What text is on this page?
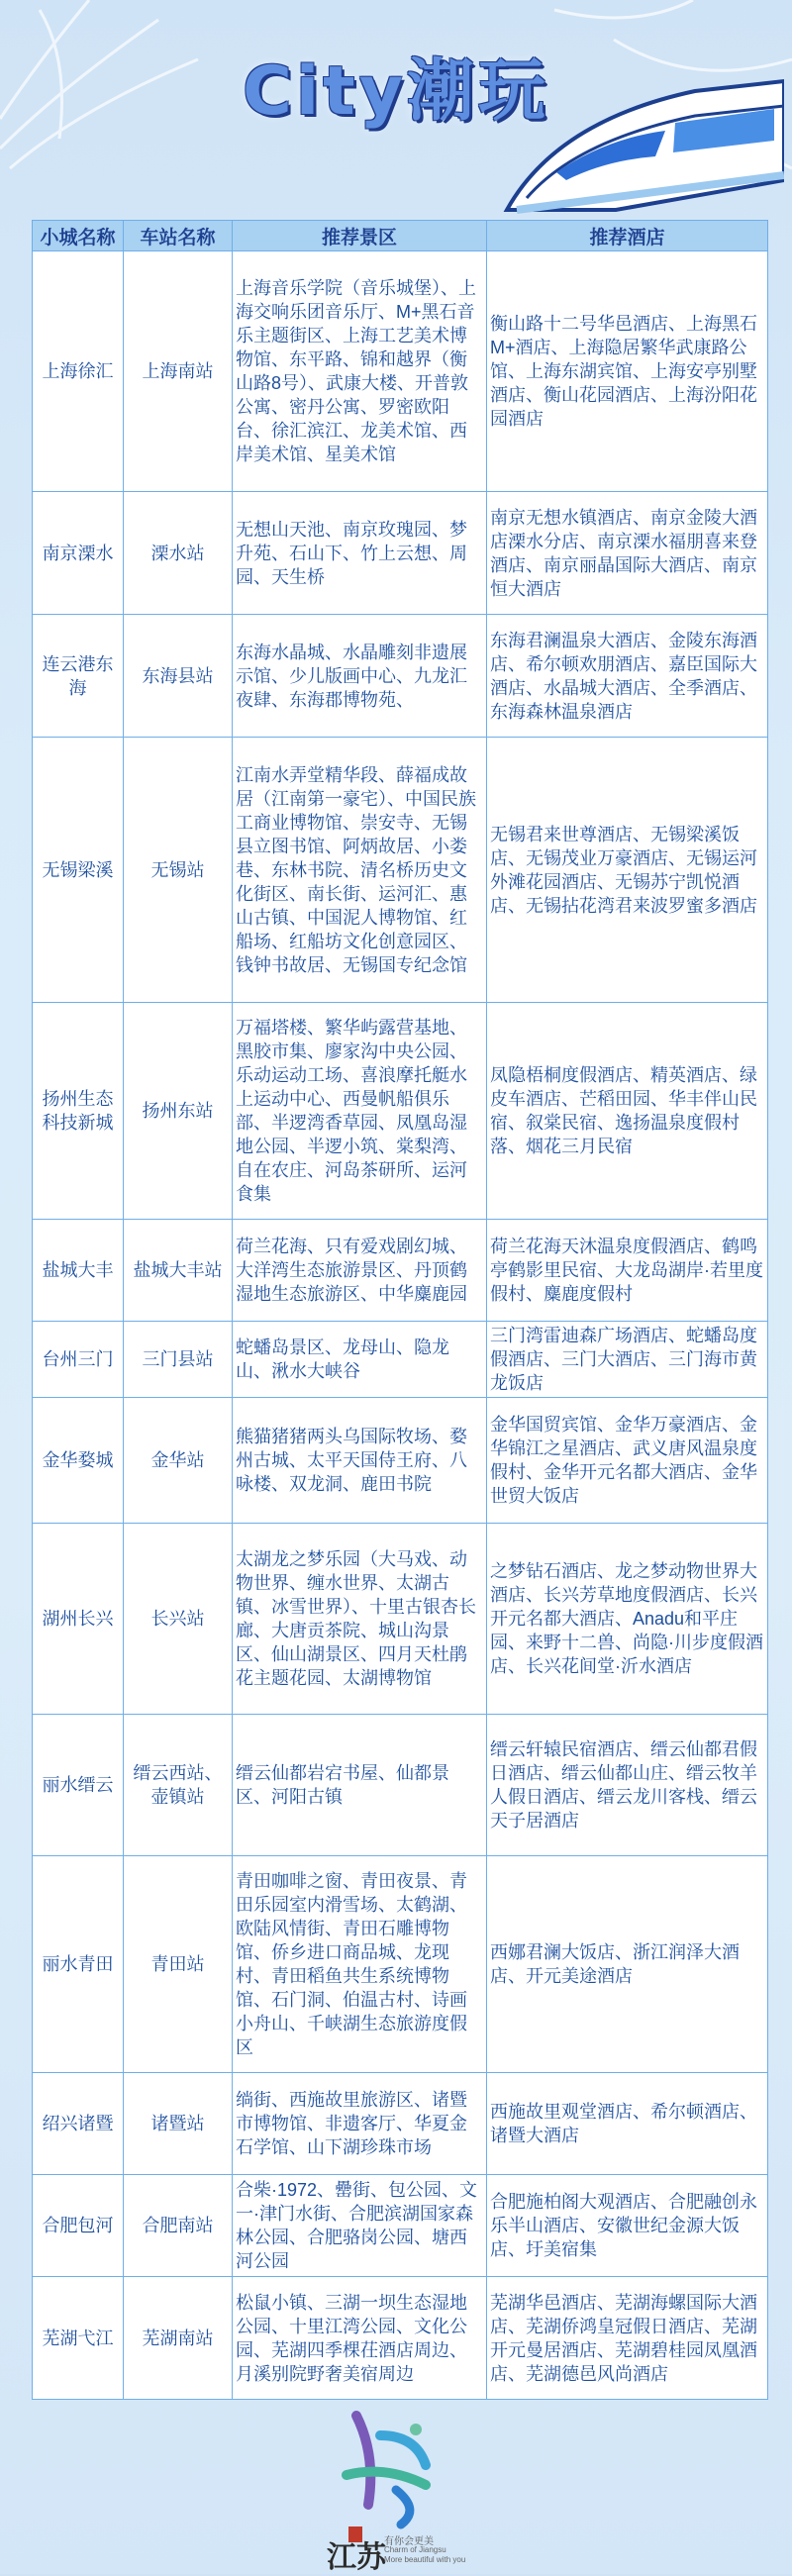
City潮玩
小城名称	车站名称	推荐景区	推荐酒店
上海徐汇	上海南站	上海音乐学院（音乐城堡）、上海交响乐团音乐厅、M+黑石音乐主题街区、上海工艺美术博物馆、东平路、锦和越界（衡山路8号）、武康大楼、开普敦公寓、密丹公寓、罗密欧阳台、徐汇滨江、龙美术馆、西岸美术馆、星美术馆	衡山路十二号华邑酒店、上海黑石M+酒店、上海隐居繁华武康路公馆、上海东湖宾馆、上海安亭别墅酒店、衡山花园酒店、上海汾阳花园酒店
南京溧水	溧水站	无想山天池、南京玫瑰园、梦升苑、石山下、竹上云想、周园、天生桥	南京无想水镇酒店、南京金陵大酒店溧水分店、南京溧水福朋喜来登酒店、南京丽晶国际大酒店、南京恒大酒店
连云港东海	东海县站	东海水晶城、水晶雕刻非遗展示馆、少儿版画中心、九龙汇夜肆、东海郡博物苑、	东海君澜温泉大酒店、金陵东海酒店、希尔顿欢朋酒店、嘉臣国际大酒店、水晶城大酒店、全季酒店、东海森林温泉酒店
无锡梁溪	无锡站	江南水弄堂精华段、薛福成故居（江南第一豪宅）、中国民族工商业博物馆、崇安寺、无锡县立图书馆、阿炳故居、小娄巷、东林书院、清名桥历史文化街区、南长街、运河汇、惠山古镇、中国泥人博物馆、红船场、红船坊文化创意园区、钱钟书故居、无锡国专纪念馆	无锡君来世尊酒店、无锡梁溪饭店、无锡茂业万豪酒店、无锡运河外滩花园酒店、无锡苏宁凯悦酒店、无锡拈花湾君来波罗蜜多酒店
扬州生态科技新城	扬州东站	万福塔楼、繁华屿露营基地、黑胶市集、廖家沟中央公园、乐动运动工场、喜浪摩托艇水上运动中心、西曼帆船俱乐部、半逻湾香草园、凤凰岛湿地公园、半逻小筑、棠梨湾、自在农庄、河岛茶研所、运河食集	凤隐梧桐度假酒店、精英酒店、绿皮车酒店、芒稻田园、华丰伴山民宿、叙棠民宿、逸扬温泉度假村落、烟花三月民宿
盐城大丰	盐城大丰站	荷兰花海、只有爱戏剧幻城、大洋湾生态旅游景区、丹顶鹤湿地生态旅游区、中华麋鹿园	荷兰花海天沐温泉度假酒店、鹤鸣亭鹤影里民宿、大龙岛湖岸·若里度假村、麋鹿度假村
台州三门	三门县站	蛇蟠岛景区、龙母山、隐龙山、湫水大峡谷	三门湾雷迪森广场酒店、蛇蟠岛度假酒店、三门大酒店、三门海市黄龙饭店
金华婺城	金华站	熊猫猪猪两头乌国际牧场、婺州古城、太平天国侍王府、八咏楼、双龙洞、鹿田书院	金华国贸宾馆、金华万豪酒店、金华锦江之星酒店、武义唐风温泉度假村、金华开元名都大酒店、金华世贸大饭店
湖州长兴	长兴站	太湖龙之梦乐园（大马戏、动物世界、缠水世界、太湖古镇、冰雪世界）、十里古银杏长廊、大唐贡茶院、城山沟景区、仙山湖景区、四月天杜鹃花主题花园、太湖博物馆	之梦钻石酒店、龙之梦动物世界大酒店、长兴芳草地度假酒店、长兴开元名都大酒店、Anadu和平庄园、来野十二兽、尚隐·川步度假酒店、长兴花间堂·沂水酒店
丽水缙云	缙云西站、壶镇站	缙云仙都岩宕书屋、仙都景区、河阳古镇	缙云轩辕民宿酒店、缙云仙都君假日酒店、缙云仙都山庄、缙云牧羊人假日酒店、缙云龙川客栈、缙云天子居酒店
丽水青田	青田站	青田咖啡之窗、青田夜景、青田乐园室内滑雪场、太鹤湖、欧陆风情街、青田石雕博物馆、侨乡进口商品城、龙现村、青田稻鱼共生系统博物馆、石门洞、伯温古村、诗画小舟山、千峡湖生态旅游度假区	西娜君澜大饭店、浙江润泽大酒店、开元美途酒店
绍兴诸暨	诸暨站	绱街、西施故里旅游区、诸暨市博物馆、非遗客厅、华夏金石学馆、山下湖珍珠市场	西施故里观堂酒店、希尔顿酒店、诸暨大酒店
合肥包河	合肥南站	合柴·1972、罍街、包公园、文一·津门水街、合肥滨湖国家森林公园、合肥骆岗公园、塘西河公园	合肥施柏阁大观酒店、合肥融创永乐半山酒店、安徽世纪金源大饭店、圩美宿集
芜湖弋江	芜湖南站	松鼠小镇、三湖一坝生态湿地公园、十里江湾公园、文化公园、芜湖四季棵茌酒店周边、月溪别院野奢美宿周边	芜湖华邑酒店、芜湖海螺国际大酒店、芜湖侨鸿皇冠假日酒店、芜湖开元曼居酒店、芜湖碧桂园凤凰酒店、芜湖德邑风尚酒店
江苏
有你会更美
Charm of Jiangsu
More beautiful with you
